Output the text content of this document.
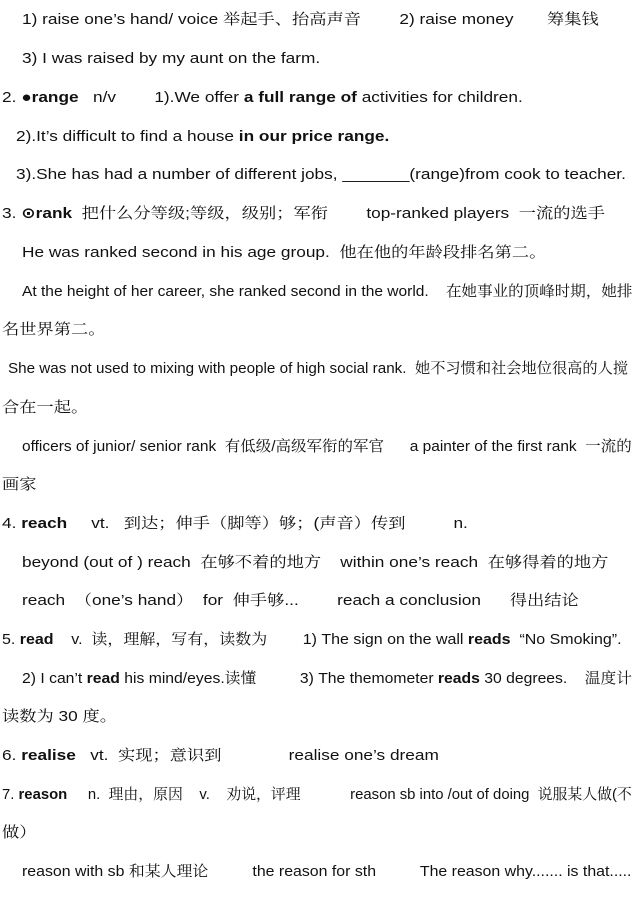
1) raise one’s hand/ voice 举起手、抬高声音        2) raise money       筹集钱
3) I was raised by my aunt on the farm.
2. ●range   n/v        1).We offer a full range of activities for children.
2).It’s difficult to find a house in our price range.
3).She has had a number of different jobs, _______(range)from cook to teacher.
3. ⊙rank  把什么分等级;等级，级别；军衔        top-ranked players  一流的选手
He was ranked second in his age group.  他在他的年龄段排名第二。
At the height of her career, she ranked second in the world.    在她事业的顶峰时期，她排
名世界第二。
She was not used to mixing with people of high social rank.  她不习惯和社会地位很高的人搅
合在一起。
officers of junior/ senior rank  有低级/高级军衔的军官      a painter of the first rank  一流的
画家
4. reach     vt.   到达；伸手（脚等）够；(声音）传到          n.
beyond (out of ) reach  在够不着的地方    within one’s reach  在够得着的地方
reach  （one’s hand）  for  伸手够...        reach a conclusion      得出结论
5. read    v.  读，理解，写有，读数为        1) The sign on the wall reads  “No Smoking”.
2) I can’t read his mind/eyes.读懂          3) The themometer reads 30 degrees.    温度计
读数为 30 度。
6. realise   vt.  实现；意识到              realise one’s dream
7. reason     n.  理由，原因    v.    劝说，评理            reason sb into /out of doing  说服某人做(不
做）
reason with sb 和某人理论          the reason for sth          The reason why....... is that.....
